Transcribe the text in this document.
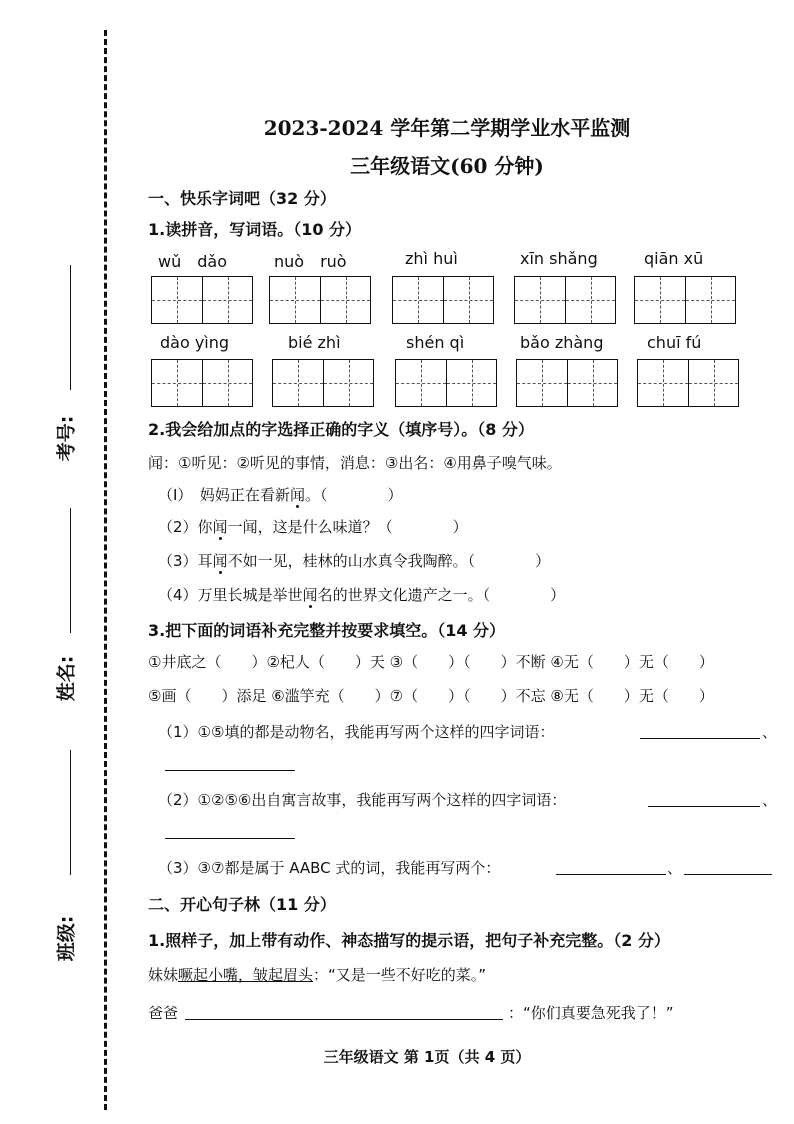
考号:
姓名:
班级:
2023-2024 学年第二学期学业水平监测
三年级语文(60 分钟)
一、快乐字词吧（32 分）
1.读拼音，写词语。（10 分）
wǔ　dǎo	nuò　ruò	zhì huì	xīn shǎng	qiān xū
dào yìng	bié zhì	shén qì	bǎo zhàng	chuī fú
2.我会给加点的字选择正确的字义（填序号）。（8 分）
闻：①听见：②听见的事情，消息：③出名：④用鼻子嗅气味。
（I）　妈妈正在看新闻。（　　　　）
（2）你闻一闻，这是什么味道？（　　　　）
（3）耳闻不如一见，桂林的山水真令我陶醉。（　　　　）
（4）万里长城是举世闻名的世界文化遗产之一。（　　　　）
3.把下面的词语补充完整并按要求填空。（14 分）
①井底之（　　）②杞人（　　）天 ③（　　）（　　）不断 ④无（　　）无（　　）
⑤画（　　）添足 ⑥滥竽充（　　）⑦（　　）（　　）不忘 ⑧无（　　）无（　　）
（1）①⑤填的都是动物名，我能再写两个这样的四字词语：	、
（2）①②⑤⑥出自寓言故事，我能再写两个这样的四字词语：	、
（3）③⑦都是属于 AABC 式的词，我能再写两个：	、
二、开心句子林（11 分）
1.照样子，加上带有动作、神态描写的提示语，把句子补充完整。（2 分）
妹妹噘起小嘴，皱起眉头：“又是一些不好吃的菜。”
爸爸	：“你们真要急死我了！”
三年级语文 第 1页（共 4 页）
